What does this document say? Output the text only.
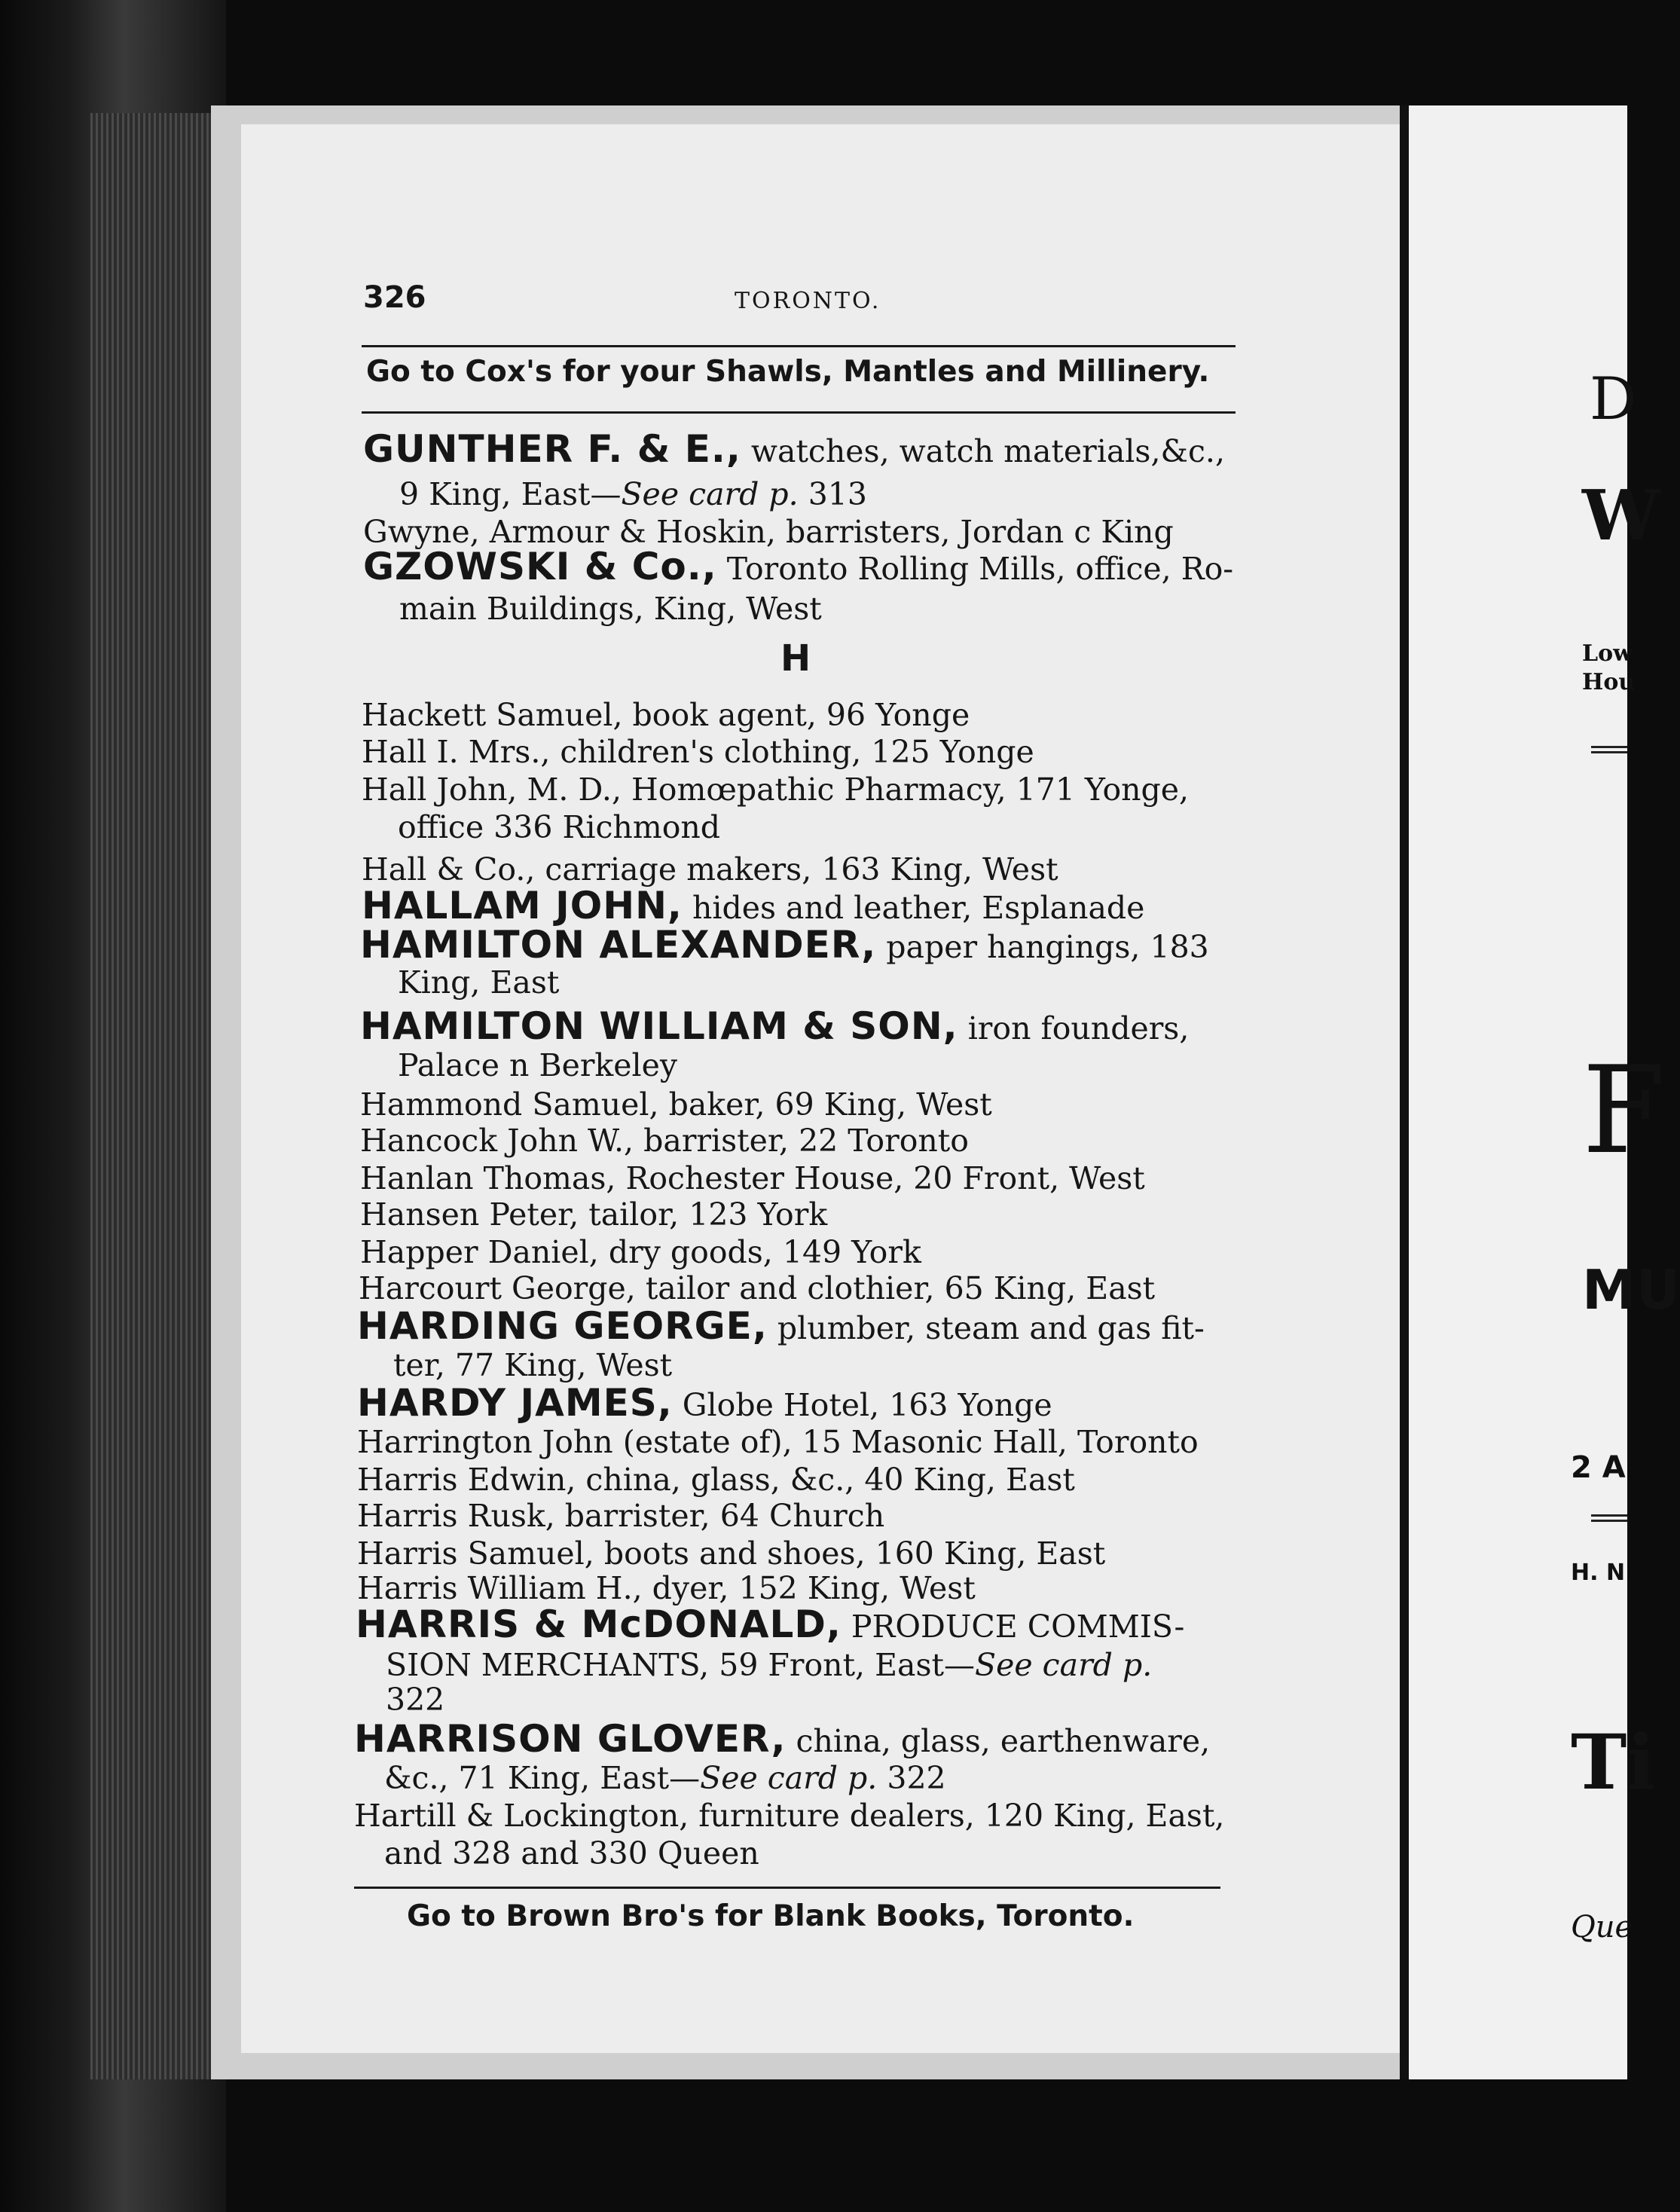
D
W
Low
Hou
F
MU
2 A
H. N
Ti
Que
326	TORONTO.
Go to Cox's for your Shawls, Mantles and Millinery.
GUNTHER F. & E., watches, watch materials,&c.,
9 King, East—See card p. 313
Gwyne, Armour & Hoskin, barristers, Jordan c King
GZOWSKI & Co., Toronto Rolling Mills, office, Ro-
main Buildings, King, West
H
Hackett Samuel, book agent, 96 Yonge
Hall I. Mrs., children's clothing, 125 Yonge
Hall John, M. D., Homœpathic Pharmacy, 171 Yonge,
office 336 Richmond
Hall & Co., carriage makers, 163 King, West
HALLAM JOHN, hides and leather, Esplanade
HAMILTON ALEXANDER, paper hangings, 183
King, East
HAMILTON WILLIAM & SON, iron founders,
Palace n Berkeley
Hammond Samuel, baker, 69 King, West
Hancock John W., barrister, 22 Toronto
Hanlan Thomas, Rochester House, 20 Front, West
Hansen Peter, tailor, 123 York
Happer Daniel, dry goods, 149 York
Harcourt George, tailor and clothier, 65 King, East
HARDING GEORGE, plumber, steam and gas fit-
ter, 77 King, West
HARDY JAMES, Globe Hotel, 163 Yonge
Harrington John (estate of), 15 Masonic Hall, Toronto
Harris Edwin, china, glass, &c., 40 King, East
Harris Rusk, barrister, 64 Church
Harris Samuel, boots and shoes, 160 King, East
Harris William H., dyer, 152 King, West
HARRIS & McDONALD, PRODUCE COMMIS-
SION MERCHANTS, 59 Front, East—See card p.
322
HARRISON GLOVER, china, glass, earthenware,
&c., 71 King, East—See card p. 322
Hartill & Lockington, furniture dealers, 120 King, East,
and 328 and 330 Queen
Go to Brown Bro's for Blank Books, Toronto.
